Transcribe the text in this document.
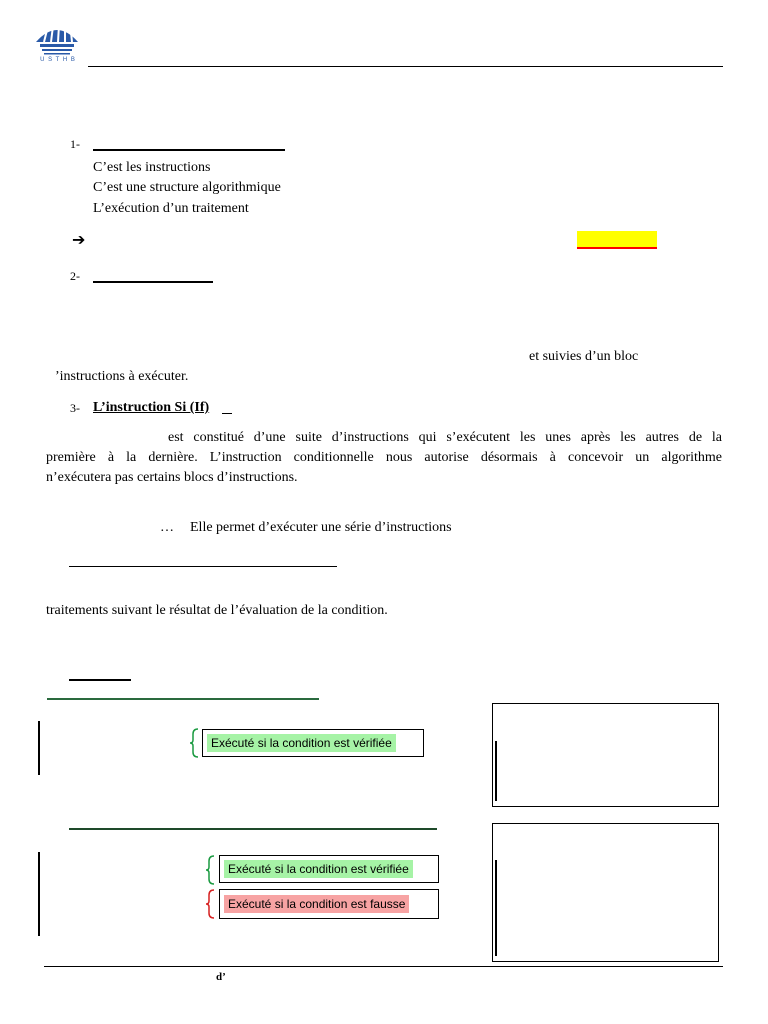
U S T H B
1-
C’est les instructions
C’est une structure algorithmique
L’exécution d’un traitement
➔
2-
et suivies d’un bloc
’instructions à exécuter.
3- L’instruction Si (If)
est constitué d’une suite d’instructions qui s’exécutent les unes après les autres de la
première à la dernière. L’instruction conditionnelle nous autorise désormais à concevoir un algorithme
n’exécutera pas certains blocs d’instructions.
… Elle permet d’exécuter une série d’instructions
traitements suivant le résultat de l’évaluation de la condition.
Exécuté si la condition est vérifiée
Exécuté si la condition est vérifiée
Exécuté si la condition est fausse
d’
